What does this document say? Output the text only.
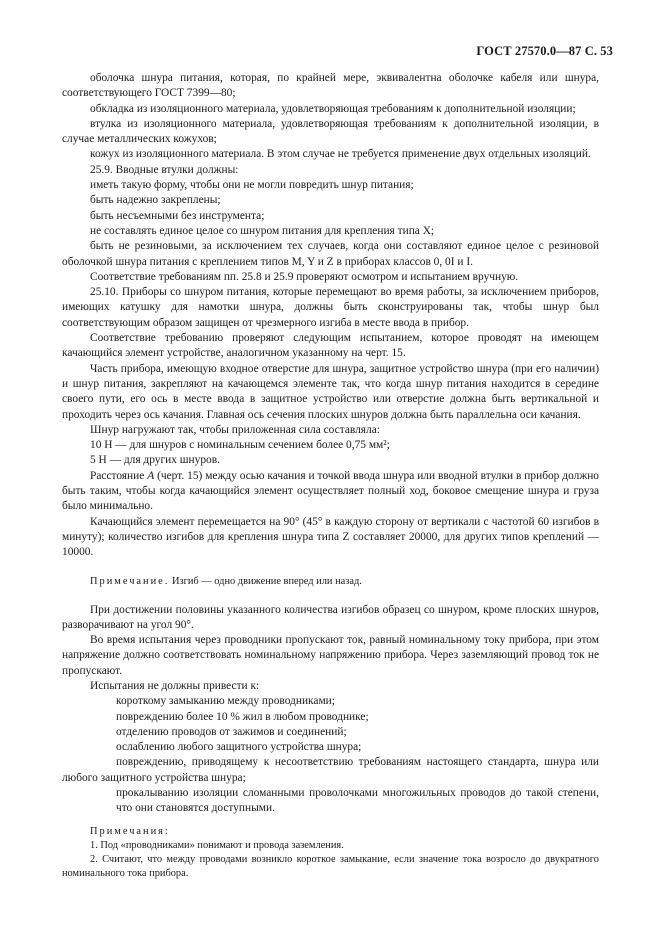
ГОСТ 27570.0—87 С. 53

оболочка шнура питания, которая, по крайней мере, эквивалентна оболочке кабеля или шнура, соответствующего ГОСТ 7399—80;

обкладка из изоляционного материала, удовлетворяющая требованиям к дополнительной изоляции;

втулка из изоляционного материала, удовлетворяющая требованиям к дополнительной изоляции, в случае металлических кожухов;

кожух из изоляционного материала. В этом случае не требуется применение двух отдельных изоляций.

25.9. Вводные втулки должны:

иметь такую форму, чтобы они не могли повредить шнур питания;

быть надежно закреплены;

быть несъемными без инструмента;

не составлять единое целое со шнуром питания для крепления типа X;

быть не резиновыми, за исключением тех случаев, когда они составляют единое целое с резиновой оболочкой шнура питания с креплением типов M, Y и Z в приборах классов 0, 0I и I.

Соответствие требованиям пп. 25.8 и 25.9 проверяют осмотром и испытанием вручную.

25.10. Приборы со шнуром питания, которые перемещают во время работы, за исключением приборов, имеющих катушку для намотки шнура, должны быть сконструированы так, чтобы шнур был соответствующим образом защищен от чрезмерного изгиба в месте ввода в прибор.

Соответствие требованию проверяют следующим испытанием, которое проводят на имеющем качающийся элемент устройстве, аналогичном указанному на черт. 15.

Часть прибора, имеющую входное отверстие для шнура, защитное устройство шнура (при его наличии) и шнур питания, закрепляют на качающемся элементе так, что когда шнур питания находится в середине своего пути, его ось в месте ввода в защитное устройство или отверстие должна быть вертикальной и проходить через ось качания. Главная ось сечения плоских шнуров должна быть параллельна оси качания.

Шнур нагружают так, чтобы приложенная сила составляла:

10 Н — для шнуров с номинальным сечением более 0,75 мм²;

5 Н — для других шнуров.

Расстояние А (черт. 15) между осью качания и точкой ввода шнура или вводной втулки в прибор должно быть таким, чтобы когда качающийся элемент осуществляет полный ход, боковое смещение шнура и груза было минимально.

Качающийся элемент перемещается на 90° (45° в каждую сторону от вертикали с частотой 60 изгибов в минуту); количество изгибов для крепления шнура типа Z составляет 20000, для других типов креплений — 10000.

Примечание. Изгиб — одно движение вперед или назад.

При достижении половины указанного количества изгибов образец со шнуром, кроме плоских шнуров, разворачивают на угол 90°.

Во время испытания через проводники пропускают ток, равный номинальному току прибора, при этом напряжение должно соответствовать номинальному напряжению прибора. Через заземляющий провод ток не пропускают.

Испытания не должны привести к:

короткому замыканию между проводниками;

повреждению более 10 % жил в любом проводнике;

отделению проводов от зажимов и соединений;

ослаблению любого защитного устройства шнура;

повреждению, приводящему к несоответствию требованиям настоящего стандарта, шнура или любого защитного устройства шнура;

прокалыванию изоляции сломанными проволочками многожильных проводов до такой степени, что они становятся доступными.

Примечания:

1. Под «проводниками» понимают и провода заземления.

2. Считают, что между проводами возникло короткое замыкание, если значение тока возросло до двукратного номинального тока прибора.
